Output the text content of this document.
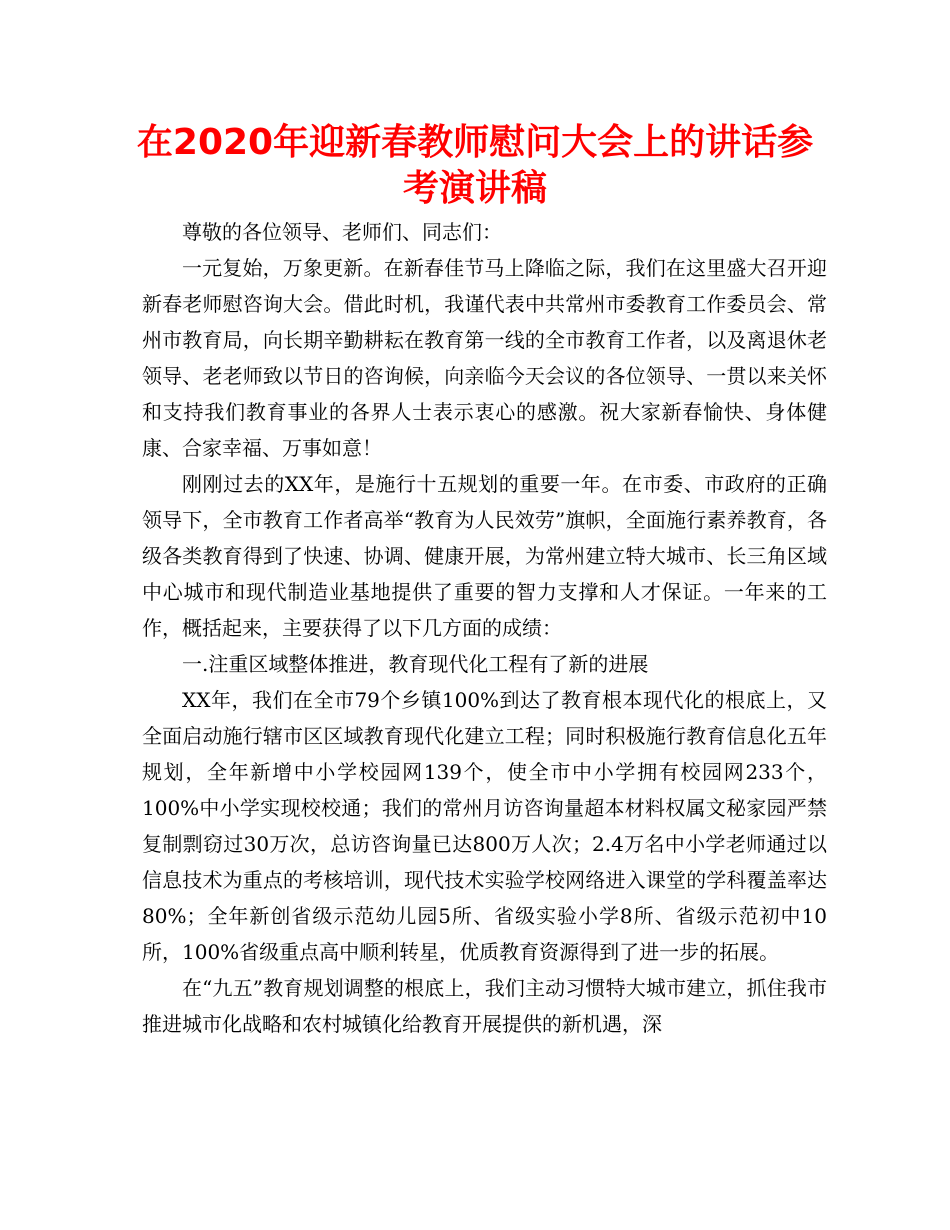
在2020年迎新春教师慰问大会上的讲话参考演讲稿

尊敬的各位领导、老师们、同志们：

一元复始，万象更新。在新春佳节马上降临之际，我们在这里盛大召开迎新春老师慰咨询大会。借此时机，我谨代表中共常州市委教育工作委员会、常州市教育局，向长期辛勤耕耘在教育第一线的全市教育工作者，以及离退休老领导、老老师致以节日的咨询候，向亲临今天会议的各位领导、一贯以来关怀和支持我们教育事业的各界人士表示衷心的感激。祝大家新春愉快、身体健康、合家幸福、万事如意！

刚刚过去的XX年，是施行十五规划的重要一年。在市委、市政府的正确领导下，全市教育工作者高举“教育为人民效劳”旗帜，全面施行素养教育，各级各类教育得到了快速、协调、健康开展，为常州建立特大城市、长三角区域中心城市和现代制造业基地提供了重要的智力支撑和人才保证。一年来的工作，概括起来，主要获得了以下几方面的成绩：

一.注重区域整体推进，教育现代化工程有了新的进展

XX年，我们在全市79个乡镇100%到达了教育根本现代化的根底上，又全面启动施行辖市区区域教育现代化建立工程；同时积极施行教育信息化五年规划，全年新增中小学校园网139个，使全市中小学拥有校园网233个，100%中小学实现校校通；我们的常州月访咨询量超本材料权属文秘家园严禁复制剽窃过30万次，总访咨询量已达800万人次；2.4万名中小学老师通过以信息技术为重点的考核培训，现代技术实验学校网络进入课堂的学科覆盖率达80%；全年新创省级示范幼儿园5所、省级实验小学8所、省级示范初中10所，100%省级重点高中顺利转星，优质教育资源得到了进一步的拓展。

在“九五”教育规划调整的根底上，我们主动习惯特大城市建立，抓住我市推进城市化战略和农村城镇化给教育开展提供的新机遇，深
